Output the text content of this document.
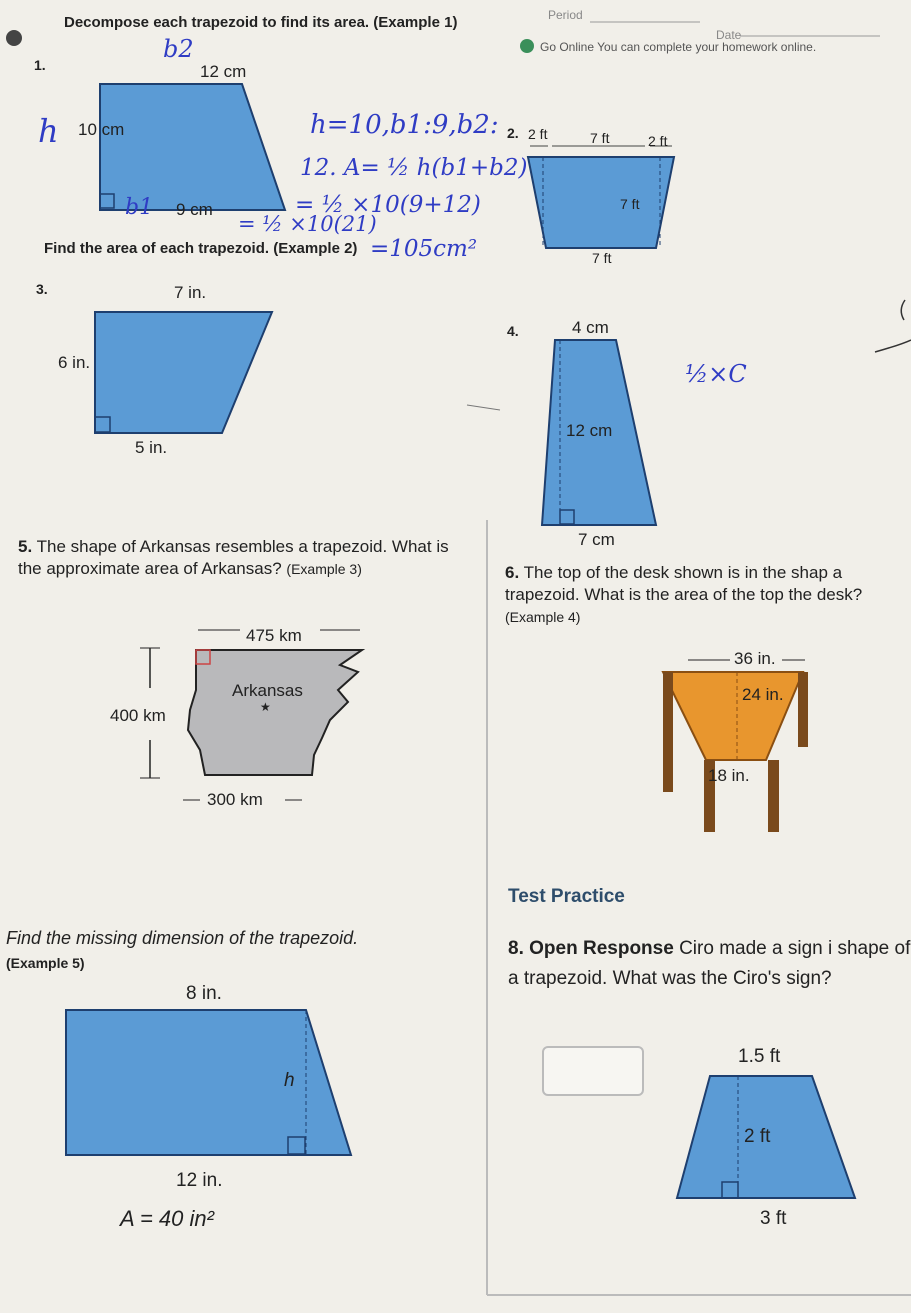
Period
Date
Go Online You can complete your homework online.
Decompose each trapezoid to find its area. (Example 1)
1.	12 cm
10 cm
9 cm
2. 2 ft	7 ft	2 ft
7 ft
7 ft
b2
h
b1
h=10,b1:9,b2:
12. A= ½ h(b1+b2)
= ½ ×10(9+12)
= ½ ×10(21)
=105cm²
½×C
Find the area of each trapezoid. (Example 2)
3.	7 in.
6 in.
5 in.
4.	4 cm
12 cm
7 cm
5. The shape of Arkansas resembles a trapezoid. What is the approximate area of Arkansas? (Example 3)
475 km
400 km
300 km
Arkansas
★
6. The top of the desk shown is in the shap a trapezoid. What is the area of the top the desk? (Example 4)
36 in.
24 in.
18 in.
Test Practice
Find the missing dimension of the trapezoid.
(Example 5)
8 in.
h
12 in.
A = 40 in²
8. Open Response Ciro made a sign i shape of a trapezoid. What was the Ciro's sign?
1.5 ft
2 ft
3 ft
